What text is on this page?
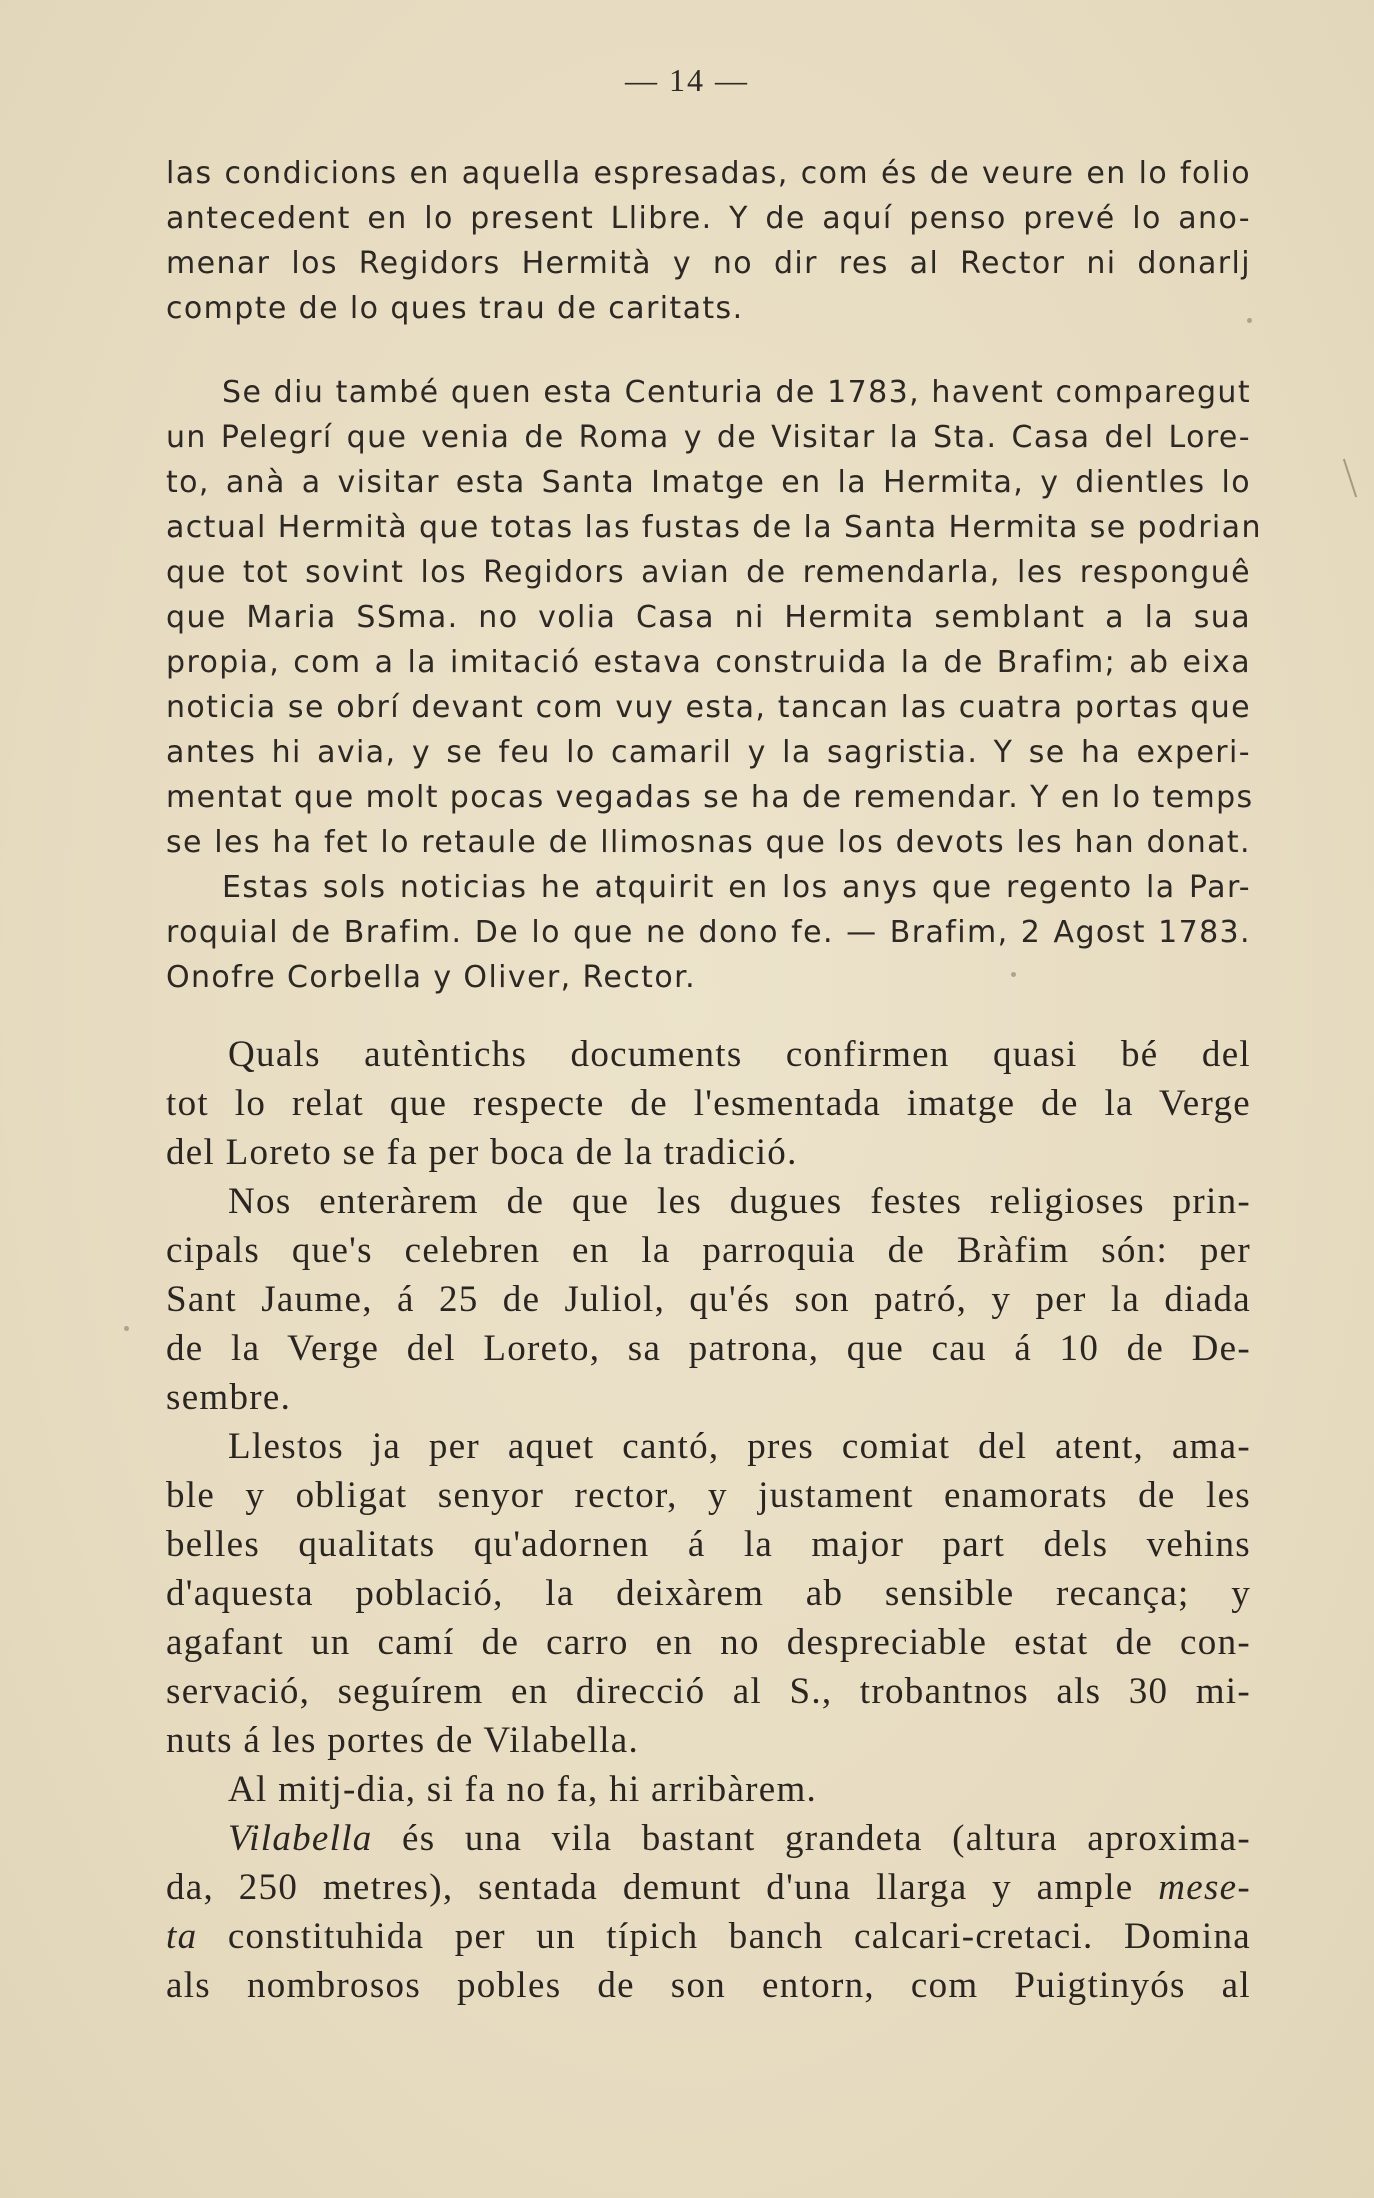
— 14 —
las condicions en aquella espresadas, com és de veure en lo folio
antecedent en lo present Llibre. Y de aquí penso prevé lo ano-
menar los Regidors Hermità y no dir res al Rector ni donarlj
compte de lo ques trau de caritats.
Se diu també quen esta Centuria de 1783, havent comparegut
un Pelegrí que venia de Roma y de Visitar la Sta. Casa del Lore-
to, anà a visitar esta Santa Imatge en la Hermita, y dientles lo
actual Hermità que totas las fustas de la Santa Hermita se podrian
que tot sovint los Regidors avian de remendarla, les responguê
que Maria SSma. no volia Casa ni Hermita semblant a la sua
propia, com a la imitació estava construida la de Brafim; ab eixa
noticia se obrí devant com vuy esta, tancan las cuatra portas que
antes hi avia, y se feu lo camaril y la sagristia. Y se ha experi-
mentat que molt pocas vegadas se ha de remendar. Y en lo temps
se les ha fet lo retaule de llimosnas que los devots les han donat.
Estas sols noticias he atquirit en los anys que regento la Par-
roquial de Brafim. De lo que ne dono fe. — Brafim, 2 Agost 1783.
Onofre Corbella y Oliver, Rector.
Quals autèntichs documents confirmen quasi bé del
tot lo relat que respecte de l'esmentada imatge de la Verge
del Loreto se fa per boca de la tradició.
Nos enteràrem de que les dugues festes religioses prin-
cipals que's celebren en la parroquia de Bràfim són: per
Sant Jaume, á 25 de Juliol, qu'és son patró, y per la diada
de la Verge del Loreto, sa patrona, que cau á 10 de De-
sembre.
Llestos ja per aquet cantó, pres comiat del atent, ama-
ble y obligat senyor rector, y justament enamorats de les
belles qualitats qu'adornen á la major part dels vehins
d'aquesta població, la deixàrem ab sensible recança; y
agafant un camí de carro en no despreciable estat de con-
servació, seguírem en direcció al S., trobantnos als 30 mi-
nuts á les portes de Vilabella.
Al mitj-dia, si fa no fa, hi arribàrem.
Vilabella és una vila bastant grandeta (altura aproxima-
da, 250 metres), sentada demunt d'una llarga y ample mese-
ta constituhida per un típich banch calcari-cretaci. Domina
als nombrosos pobles de son entorn, com Puigtinyós al
